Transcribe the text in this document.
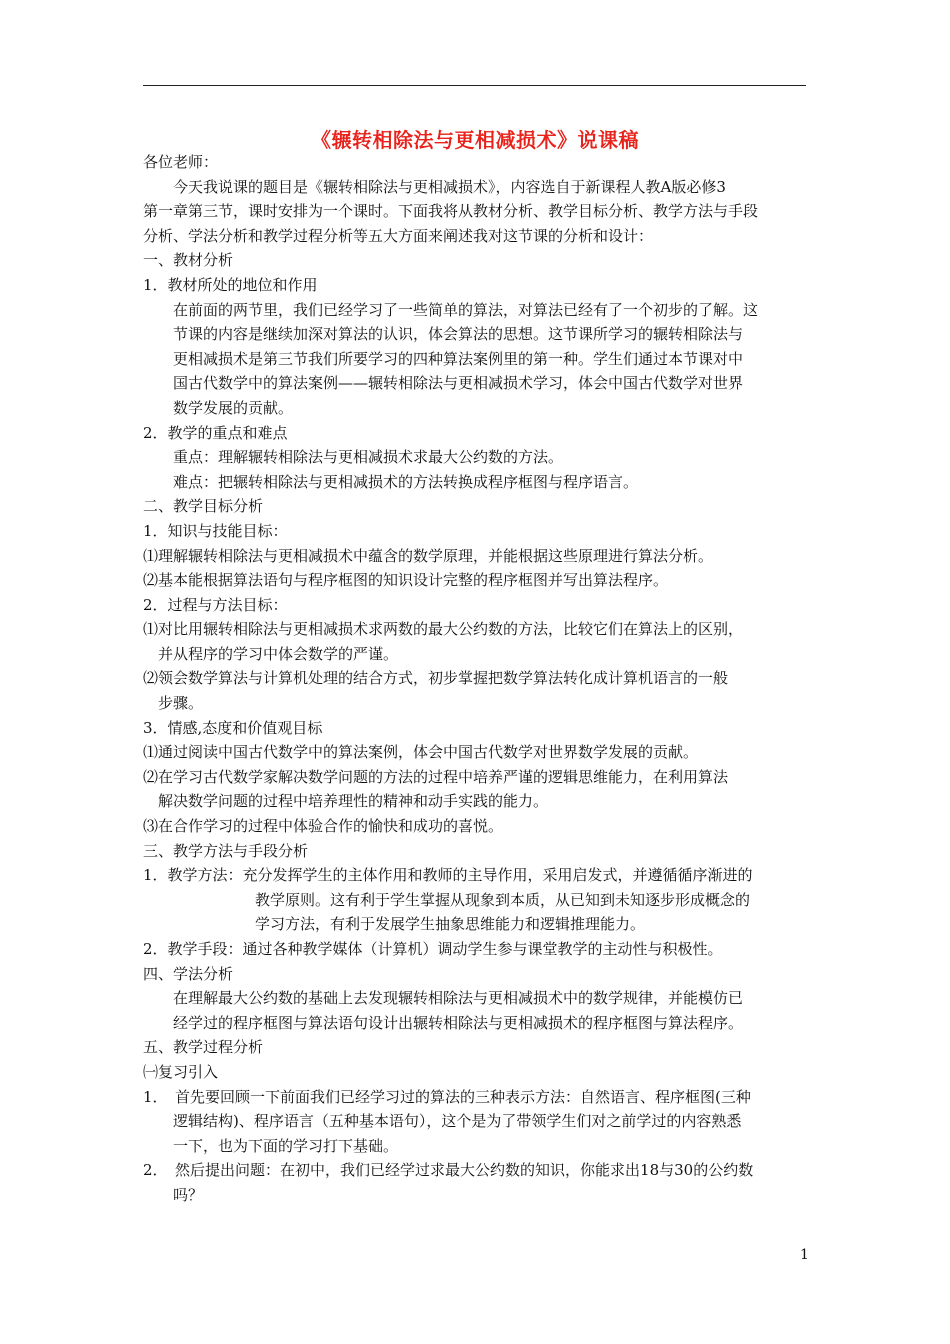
《辗转相除法与更相减损术》说课稿
各位老师：
今天我说课的题目是《辗转相除法与更相减损术》，内容选自于新课程人教A版必修3
第一章第三节，课时安排为一个课时。下面我将从教材分析、教学目标分析、教学方法与手段
分析、学法分析和教学过程分析等五大方面来阐述我对这节课的分析和设计：
一、教材分析
1．教材所处的地位和作用
在前面的两节里，我们已经学习了一些简单的算法，对算法已经有了一个初步的了解。这
节课的内容是继续加深对算法的认识，体会算法的思想。这节课所学习的辗转相除法与
更相减损术是第三节我们所要学习的四种算法案例里的第一种。学生们通过本节课对中
国古代数学中的算法案例——辗转相除法与更相减损术学习，体会中国古代数学对世界
数学发展的贡献。
2．教学的重点和难点
重点：理解辗转相除法与更相减损术求最大公约数的方法。
难点：把辗转相除法与更相减损术的方法转换成程序框图与程序语言。
二、教学目标分析
1．知识与技能目标：
⑴理解辗转相除法与更相减损术中蕴含的数学原理，并能根据这些原理进行算法分析。
⑵基本能根据算法语句与程序框图的知识设计完整的程序框图并写出算法程序。
2．过程与方法目标：
⑴对比用辗转相除法与更相减损术求两数的最大公约数的方法，比较它们在算法上的区别，
并从程序的学习中体会数学的严谨。
⑵领会数学算法与计算机处理的结合方式，初步掌握把数学算法转化成计算机语言的一般
步骤。
3．情感,态度和价值观目标
⑴通过阅读中国古代数学中的算法案例，体会中国古代数学对世界数学发展的贡献。
⑵在学习古代数学家解决数学问题的方法的过程中培养严谨的逻辑思维能力，在利用算法
解决数学问题的过程中培养理性的精神和动手实践的能力。
⑶在合作学习的过程中体验合作的愉快和成功的喜悦。
三、教学方法与手段分析
1．教学方法：充分发挥学生的主体作用和教师的主导作用，采用启发式，并遵循循序渐进的
教学原则。这有利于学生掌握从现象到本质，从已知到未知逐步形成概念的
学习方法，有利于发展学生抽象思维能力和逻辑推理能力。
2．教学手段：通过各种教学媒体（计算机）调动学生参与课堂教学的主动性与积极性。
四、学法分析
在理解最大公约数的基础上去发现辗转相除法与更相减损术中的数学规律，并能模仿已
经学过的程序框图与算法语句设计出辗转相除法与更相减损术的程序框图与算法程序。
五、教学过程分析
㈠复习引入
1．　首先要回顾一下前面我们已经学习过的算法的三种表示方法：自然语言、程序框图(三种
逻辑结构)、程序语言（五种基本语句），这个是为了带领学生们对之前学过的内容熟悉
一下，也为下面的学习打下基础。
2．　然后提出问题：在初中，我们已经学过求最大公约数的知识，你能求出18与30的公约数
吗？
1
